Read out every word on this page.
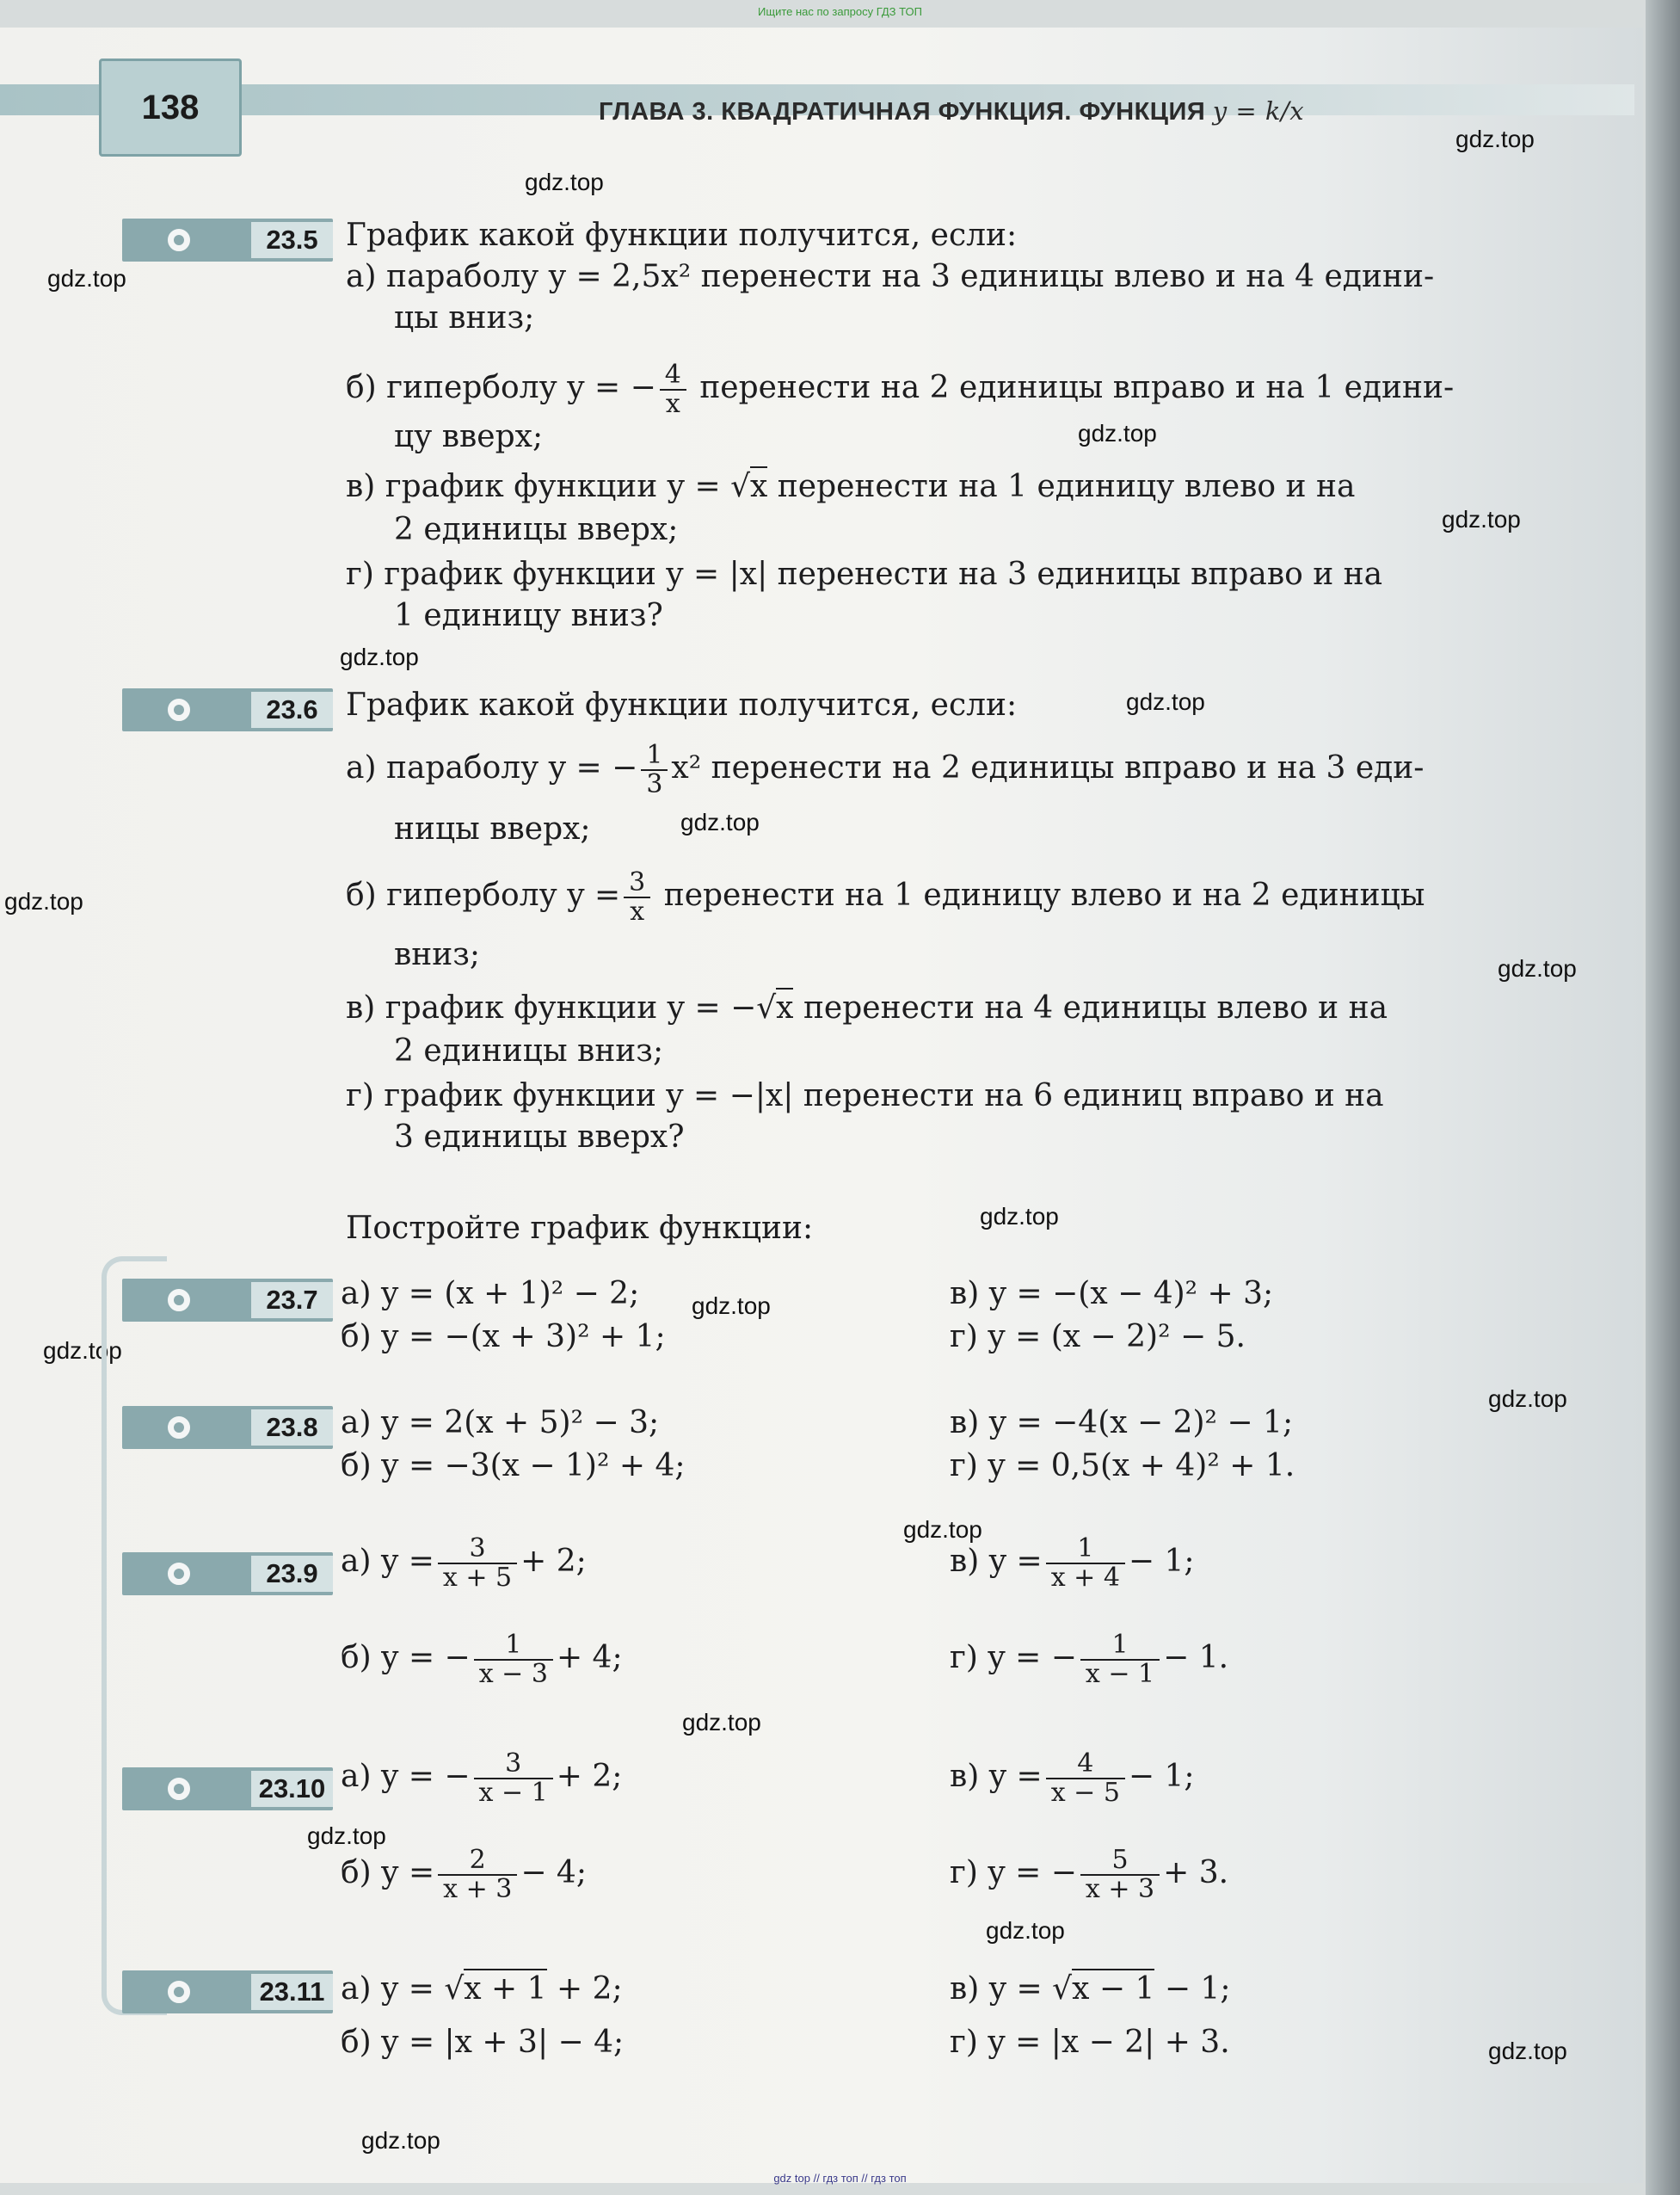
Ищите нас по запросу ГДЗ ТОП
138	ГЛАВА 3. КВАДРАТИЧНАЯ ФУНКЦИЯ. ФУНКЦИЯ y = k/x
gdz.top
gdz.top
gdz.top
gdz.top
gdz.top
gdz.top
gdz.top
gdz.top
gdz.top
gdz.top
gdz.top
gdz.top
gdz.top
gdz.top
gdz.top
gdz.top
gdz.top
gdz.top
gdz.top
gdz.top
23.5 График какой функции получится, если:
а) параболу y = 2,5x² перенести на 3 единицы влево и на 4 едини-
цы вниз;
б) гиперболу y = − $\frac{4}{x}$ перенести на 2 единицы вправо и на 1 едини-
цу вверх;
в) график функции y = √x перенести на 1 единицу влево и на
2 единицы вверх;
г) график функции y = |x| перенести на 3 единицы вправо и на
1 единицу вниз?
23.6 График какой функции получится, если:
а) параболу y = − $\frac{1}{3} x^2$ перенести на 2 единицы вправо и на 3 еди-
ницы вверх;
б) гиперболу $y = \frac{3}{x}$ перенести на 1 единицу влево и на 2 единицы
вниз;
в) график функции y = −√x перенести на 4 единицы влево и на
2 единицы вниз;
г) график функции y = −|x| перенести на 6 единиц вправо и на
3 единицы вверх?
Постройте график функции:
23.7 а) y = (x + 1)² − 2;
б) y = −(x + 3)² + 1;
в) y = −(x − 4)² + 3;
г) y = (x − 2)² − 5.
23.8 а) y = 2(x + 5)² − 3;
б) y = −3(x − 1)² + 4;
в) y = −4(x − 2)² − 1;
г) y = 0,5(x + 4)² + 1.
23.9 а) $y = \frac{3}{x + 5} + 2$;
б) y = − $\frac{1}{x - 3} + 4$;
в) $y = \frac{1}{x + 4} - 1$;
г) y = − $\frac{1}{x - 1} - 1$.
23.10 а) y = − $\frac{3}{x - 1} + 2$;
б) $y = \frac{2}{x + 3} - 4$;
в) $y = \frac{4}{x - 5} - 1$;
г) y = − $\frac{5}{x + 3} + 3$.
23.11 а) y = √x + 1 + 2;
б) y = |x + 3| − 4;
в) y = √x − 1 − 1;
г) y = |x − 2| + 3.
gdz top // гдз топ // гдз топ
